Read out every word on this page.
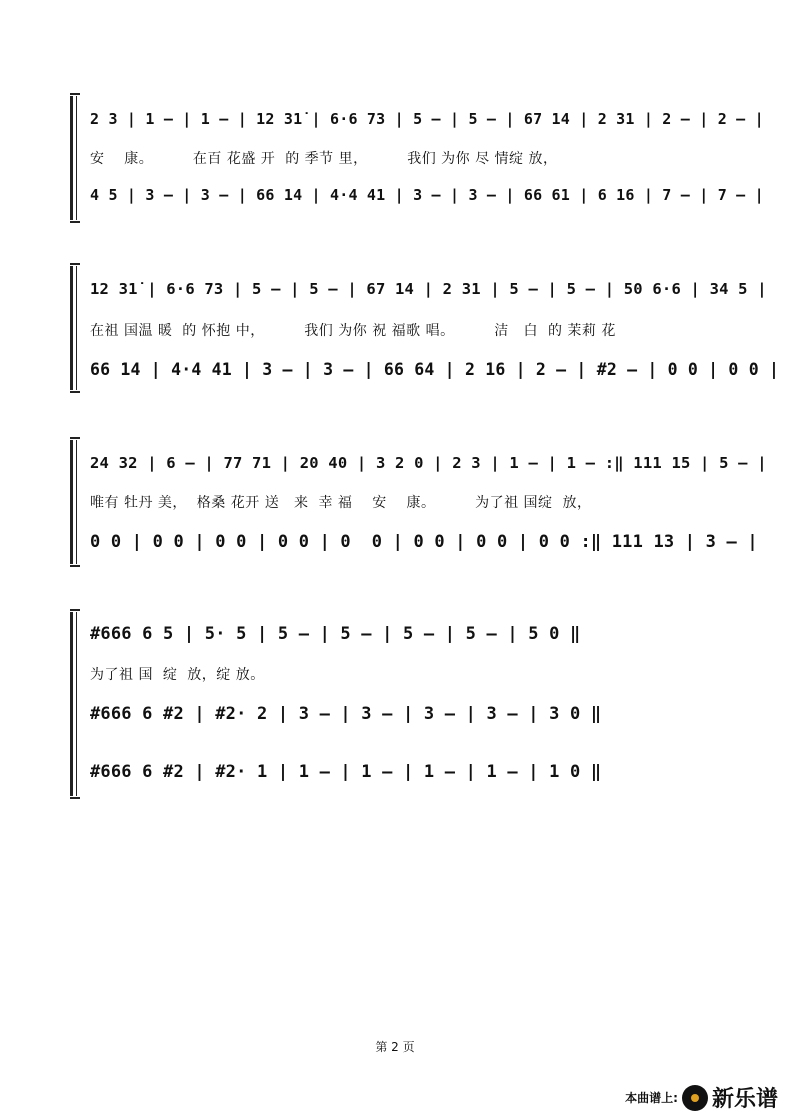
2 3 | 1 – | 1 – | 12 31̇ | 6·6 73 | 5 – | 5 – | 67 14 | 2 31 | 2 – | 2 – |
安    康。        在百 花盛 开  的 季节 里，        我们 为你 尽 情绽 放，
4 5 | 3 – | 3 – | 66 14 | 4·4 41 | 3 – | 3 – | 66 61 | 6 16 | 7 – | 7 – |
12 31̇ | 6·6 73 | 5 – | 5 – | 67 14 | 2 31 | 5 – | 5 – | 50 6·6 | 34 5 |
在祖 国温 暖  的 怀抱 中，        我们 为你 祝 福歌 唱。        洁   白  的 茉莉 花
66 14 | 4·4 41 | 3 – | 3 – | 66 64 | 2 16 | 2 – | #2 – | 0 0 | 0 0 |
24 32 | 6 – | 77 71 | 20 40 | 3 2 0 | 2 3 | 1 – | 1 – :‖ 111 15 | 5 – |
唯有 牡丹 美，  格桑 花开 送   来  幸 福    安    康。        为了祖 国绽  放，
0 0 | 0 0 | 0 0 | 0 0 | 0  0 | 0 0 | 0 0 | 0 0 :‖ 111 13 | 3 – |
#666 6 5 | 5· 5 | 5 – | 5 – | 5 – | 5 – | 5 0 ‖
为了祖 国  绽  放，绽 放。
#666 6 #2 | #2· 2 | 3 – | 3 – | 3 – | 3 – | 3 0 ‖
#666 6 #2 | #2· 1 | 1 – | 1 – | 1 – | 1 – | 1 0 ‖
第 2 页
本曲谱上: 新乐谱
